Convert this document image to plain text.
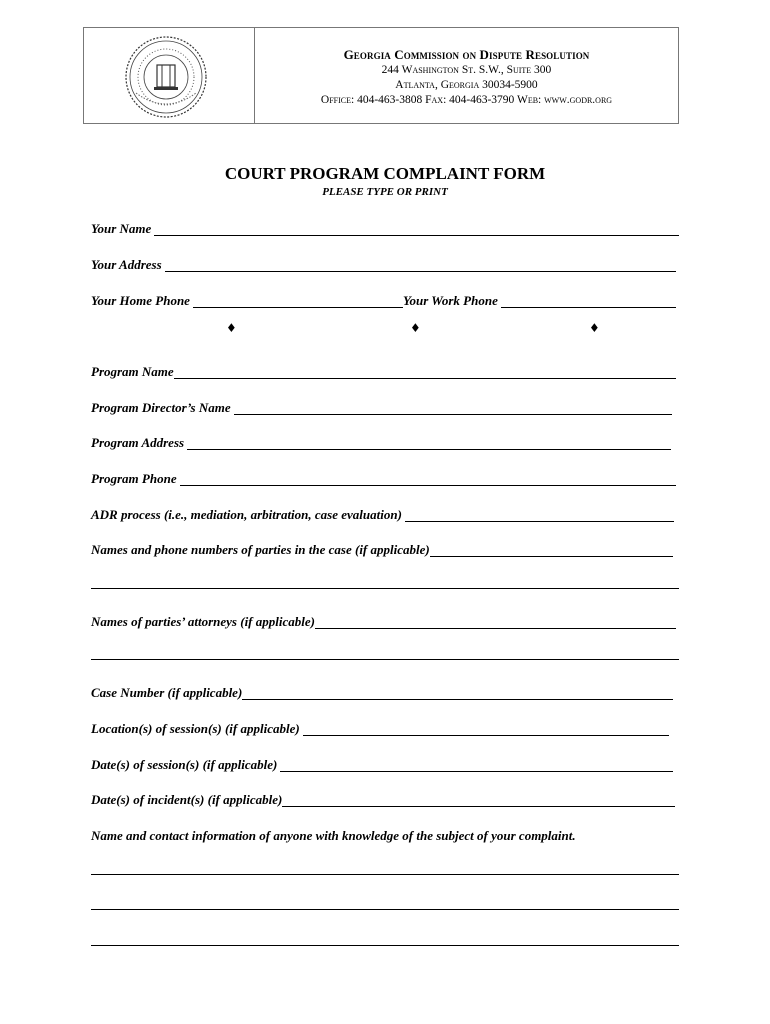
Georgia Commission on Dispute Resolution
244 Washington St. S.W., Suite 300
Atlanta, Georgia 30034-5900
Office: 404-463-3808 Fax: 404-463-3790 Web: www.godr.org
COURT PROGRAM COMPLAINT FORM
PLEASE TYPE OR PRINT
Your Name
Your Address
Your Home Phone	Your Work Phone
♦	♦	♦
Program Name
Program Director’s Name
Program Address
Program Phone
ADR process (i.e., mediation, arbitration, case evaluation)
Names and phone numbers of parties in the case (if applicable)
Names of parties’ attorneys (if applicable)
Case Number (if applicable)
Location(s) of session(s) (if applicable)
Date(s) of session(s) (if applicable)
Date(s) of incident(s) (if applicable)
Name and contact information of anyone with knowledge of the subject of your complaint.
